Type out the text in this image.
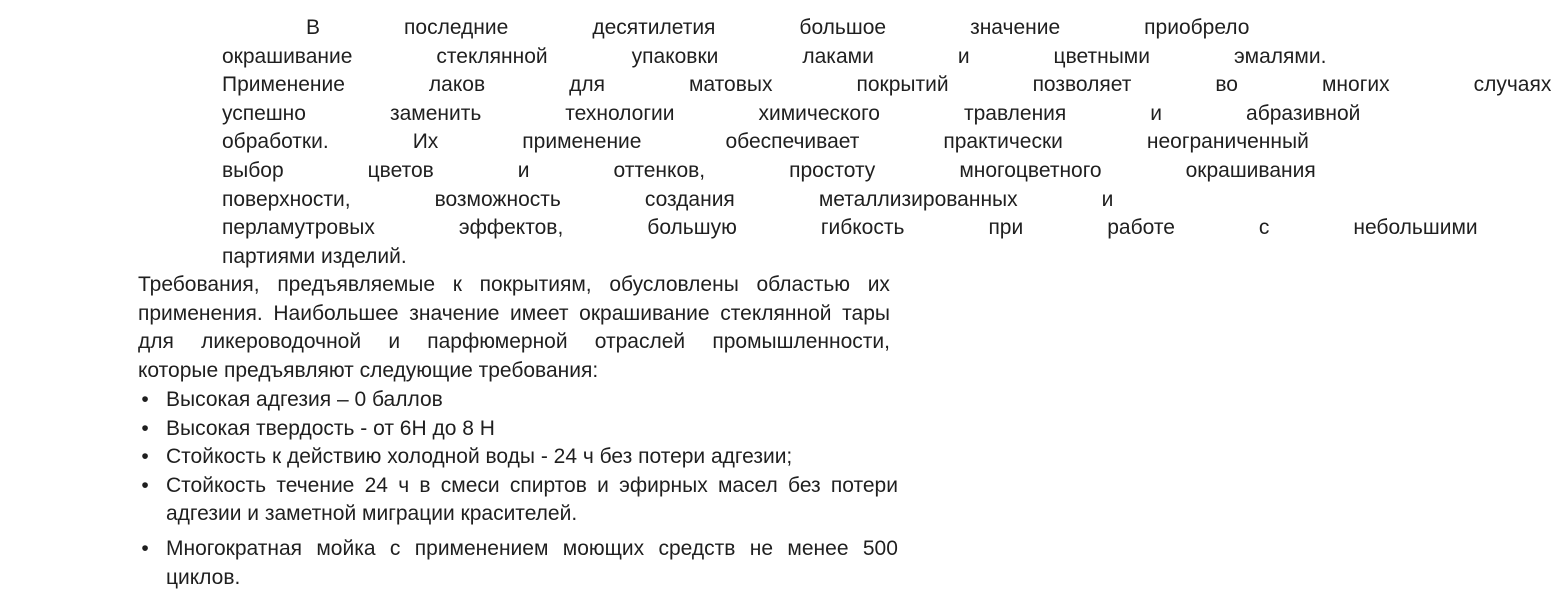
В	последние	десятилетия	большое	значение	приобрело
окрашивание	стеклянной	упаковки	лаками	и	цветными	эмалями.
Применение	лаков	для	матовых	покрытий	позволяет	во	многих	случаях
успешно	заменить	технологии	химического	травления	и	абразивной
обработки.	Их	применение	обеспечивает	практически	неограниченный
выбор	цветов	и	оттенков,	простоту	многоцветного	окрашивания
поверхности,	возможность	создания	металлизированных	и
перламутровых	эффектов,	большую	гибкость	при	работе	с	небольшими
партиями изделий.
Требования, предъявляемые к покрытиям, обусловлены областью их
применения. Наибольшее значение имеет окрашивание стеклянной тары
для ликероводочной и парфюмерной отраслей промышленности,
которые предъявляют следующие требования:
• Высокая адгезия – 0 баллов
• Высокая твердость - от 6Н до 8 Н
• Стойкость к действию холодной воды - 24 ч без потери адгезии;
• Стойкость течение 24 ч в смеси спиртов и эфирных масел без потери
адгезии и заметной миграции красителей.
• Многократная мойка с применением моющих средств не менее 500
циклов.
